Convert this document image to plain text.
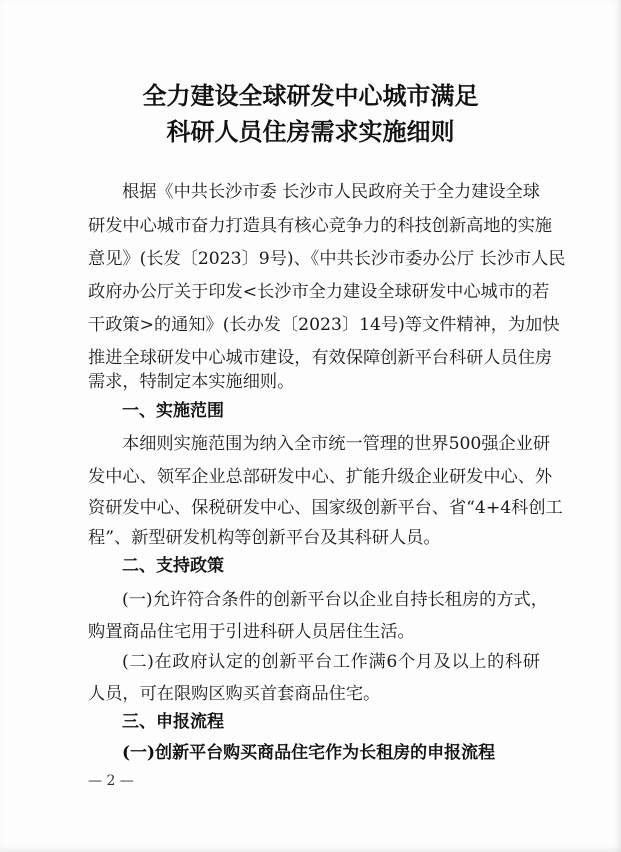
全力建设全球研发中心城市满足
科研人员住房需求实施细则
根据《中共长沙市委 长沙市人民政府关于全力建设全球
研发中心城市奋力打造具有核心竞争力的科技创新高地的实施
意见》(长发〔2023〕9号)、《中共长沙市委办公厅 长沙市人民
政府办公厅关于印发<长沙市全力建设全球研发中心城市的若
干政策>的通知》(长办发〔2023〕14号)等文件精神，为加快
推进全球研发中心城市建设，有效保障创新平台科研人员住房
需求，特制定本实施细则。
一、实施范围
本细则实施范围为纳入全市统一管理的世界500强企业研
发中心、领军企业总部研发中心、扩能升级企业研发中心、外
资研发中心、保税研发中心、国家级创新平台、省“4+4科创工
程”、新型研发机构等创新平台及其科研人员。
二、支持政策
(一)允许符合条件的创新平台以企业自持长租房的方式，
购置商品住宅用于引进科研人员居住生活。
(二)在政府认定的创新平台工作满6个月及以上的科研
人员，可在限购区购买首套商品住宅。
三、申报流程
(一)创新平台购买商品住宅作为长租房的申报流程
— 2 —
